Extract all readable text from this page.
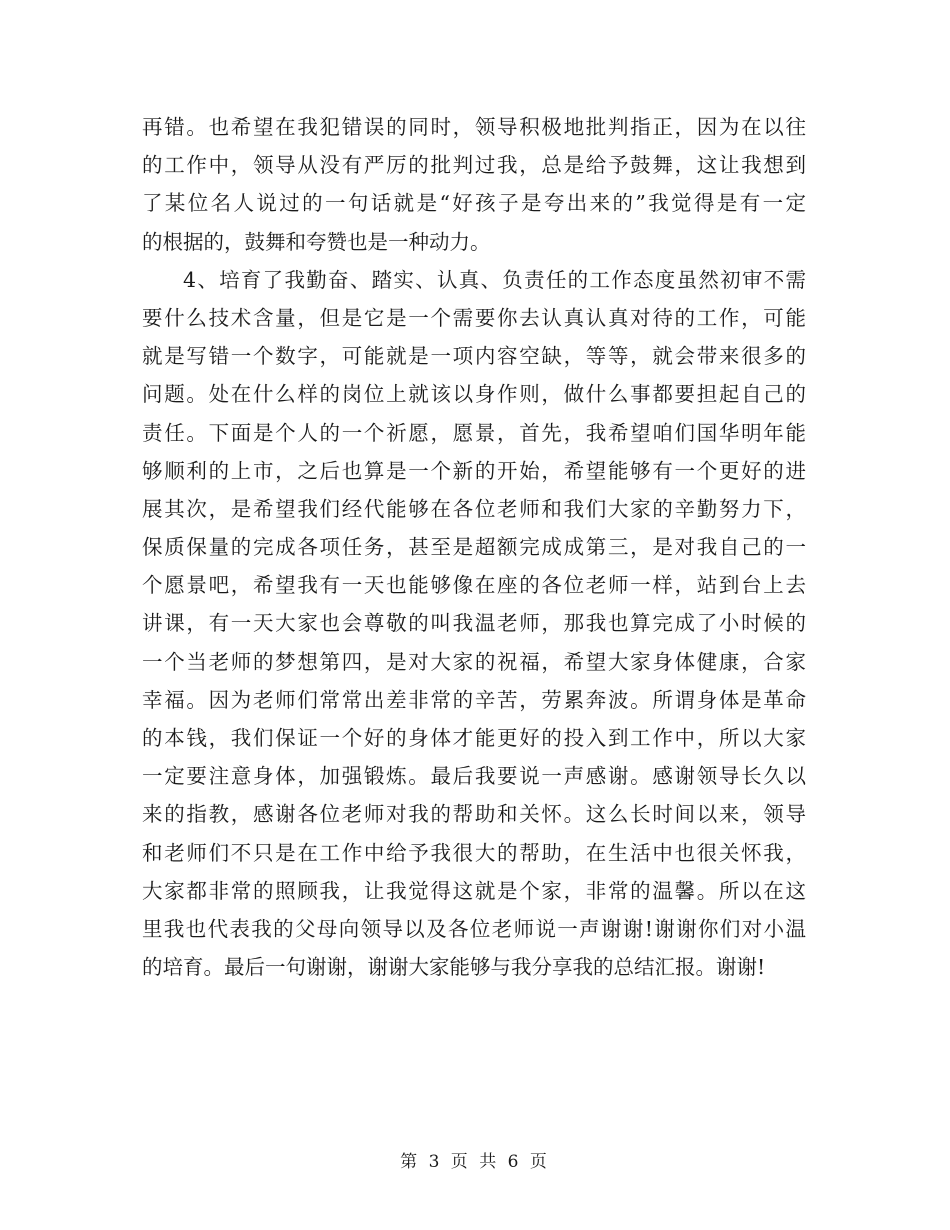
再错。也希望在我犯错误的同时，领导积极地批判指正，因为在以往
的工作中，领导从没有严厉的批判过我，总是给予鼓舞，这让我想到
了某位名人说过的一句话就是“好孩子是夸出来的”我觉得是有一定
的根据的，鼓舞和夸赞也是一种动力。
4、培育了我勤奋、踏实、认真、负责任的工作态度虽然初审不需
要什么技术含量，但是它是一个需要你去认真认真对待的工作，可能
就是写错一个数字，可能就是一项内容空缺，等等，就会带来很多的
问题。处在什么样的岗位上就该以身作则，做什么事都要担起自己的
责任。下面是个人的一个祈愿，愿景，首先，我希望咱们国华明年能
够顺利的上市，之后也算是一个新的开始，希望能够有一个更好的进
展其次，是希望我们经代能够在各位老师和我们大家的辛勤努力下，
保质保量的完成各项任务，甚至是超额完成成第三，是对我自己的一
个愿景吧，希望我有一天也能够像在座的各位老师一样，站到台上去
讲课，有一天大家也会尊敬的叫我温老师，那我也算完成了小时候的
一个当老师的梦想第四，是对大家的祝福，希望大家身体健康，合家
幸福。因为老师们常常出差非常的辛苦，劳累奔波。所谓身体是革命
的本钱，我们保证一个好的身体才能更好的投入到工作中，所以大家
一定要注意身体，加强锻炼。最后我要说一声感谢。感谢领导长久以
来的指教，感谢各位老师对我的帮助和关怀。这么长时间以来，领导
和老师们不只是在工作中给予我很大的帮助，在生活中也很关怀我，
大家都非常的照顾我，让我觉得这就是个家，非常的温馨。所以在这
里我也代表我的父母向领导以及各位老师说一声谢谢!谢谢你们对小温
的培育。最后一句谢谢，谢谢大家能够与我分享我的总结汇报。谢谢!
第 3 页 共 6 页
